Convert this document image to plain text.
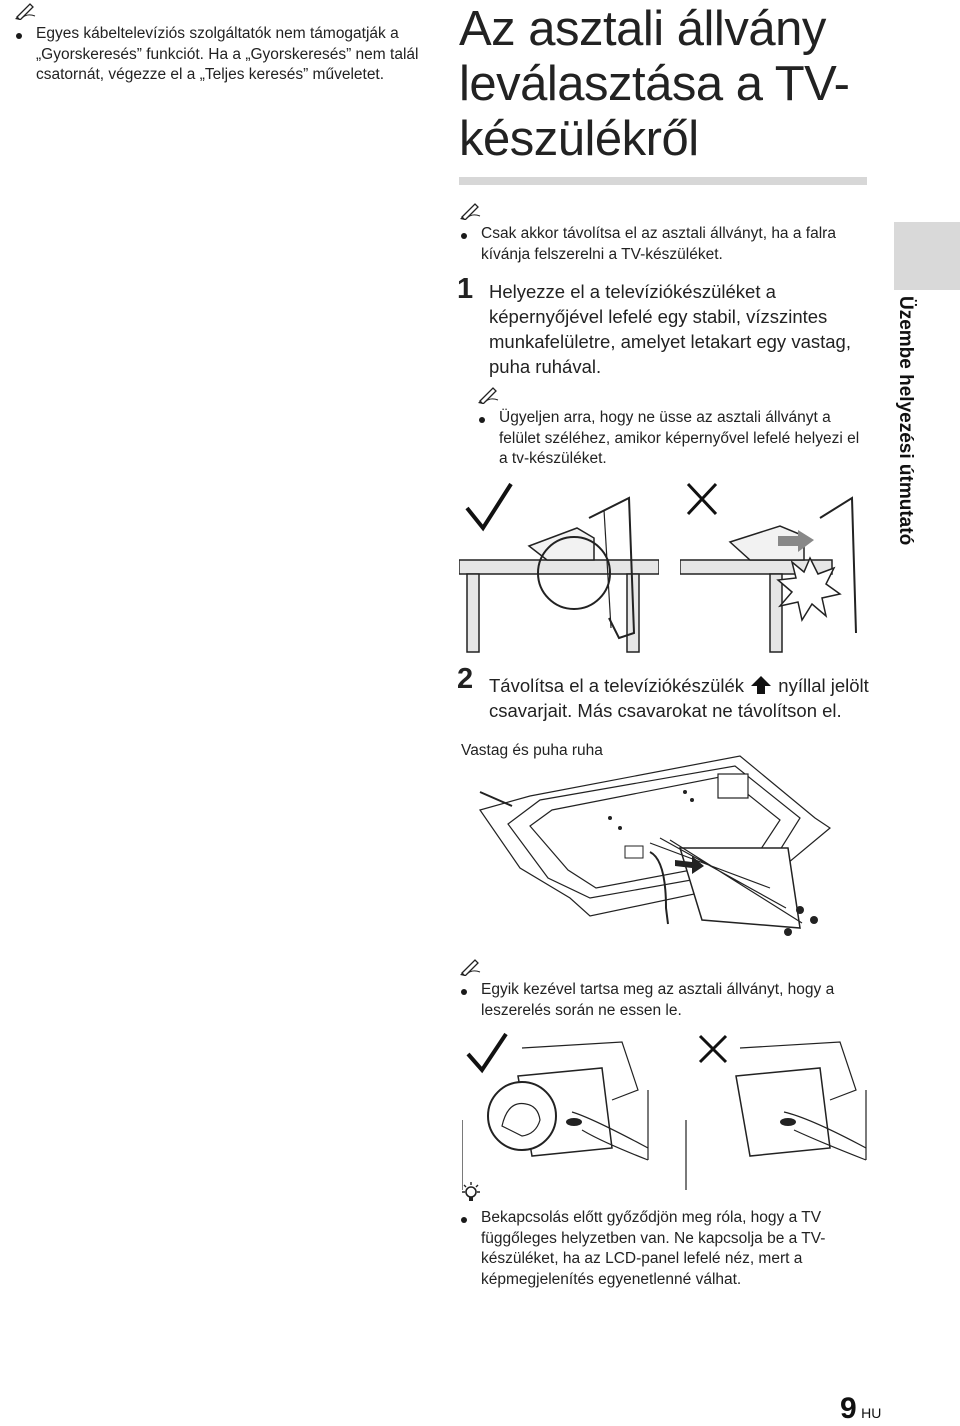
Egyes kábeltelevíziós szolgáltatók nem támogatják a „Gyorskeresés” funkciót. Ha a „Gyorskeresés” nem talál csatornát, végezze el a „Teljes keresés” műveletet.
Az asztali állvány leválasztása a TV-készülékről
Üzembe helyezési útmutató
Csak akkor távolítsa el az asztali állványt, ha a falra kívánja felszerelni a TV-készüléket.
1 Helyezze el a televíziókészüléket a képernyőjével lefelé egy stabil, vízszintes munkafelületre, amelyet letakart egy vastag, puha ruhával.
Ügyeljen arra, hogy ne üsse az asztali állványt a felület széléhez, amikor képernyővel lefelé helyezi el a tv-készüléket.
2 Távolítsa el a televíziókészülék nyíllal jelölt csavarjait. Más csavarokat ne távolítson el.
Vastag és puha ruha
Egyik kezével tartsa meg az asztali állványt, hogy a leszerelés során ne essen le.
Bekapcsolás előtt győződjön meg róla, hogy a TV függőleges helyzetben van. Ne kapcsolja be a TV-készüléket, ha az LCD-panel lefelé néz, mert a képmegjelenítés egyenetlenné válhat.
9 HU
